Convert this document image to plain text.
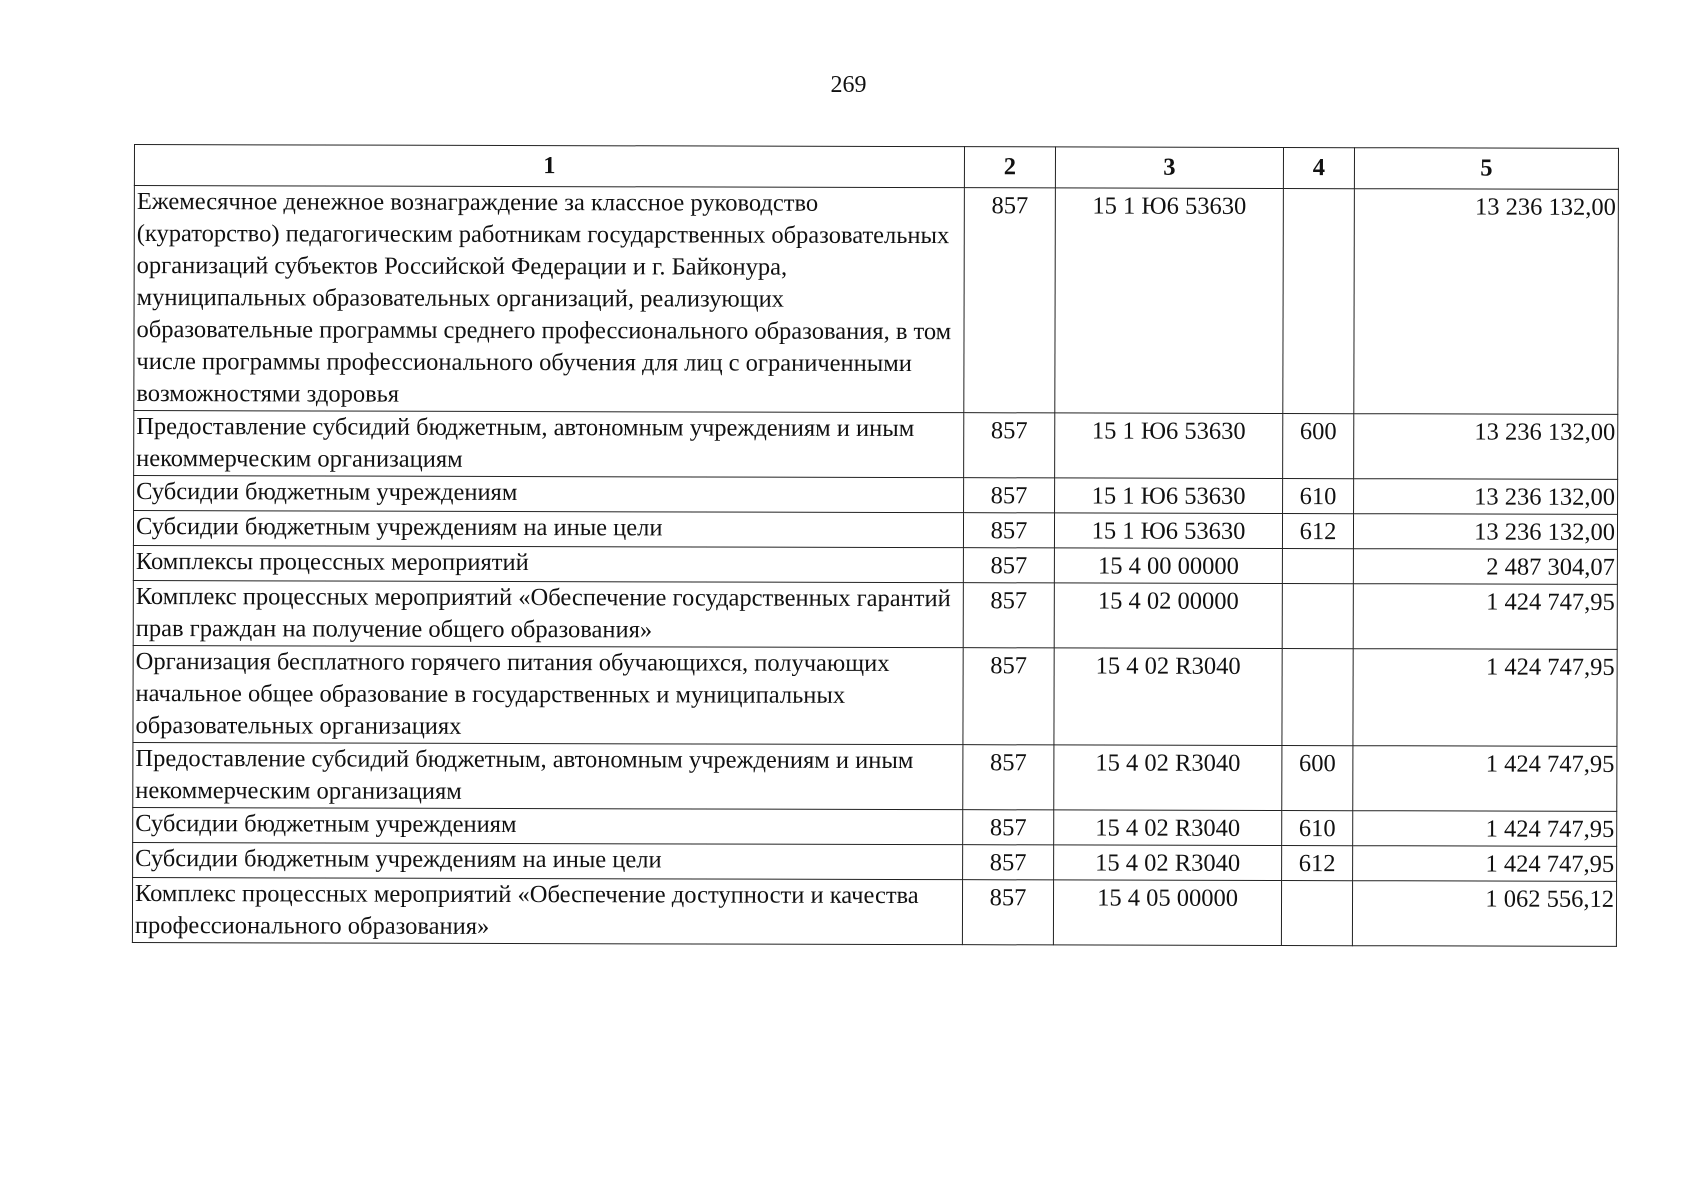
269
1	2	3	4	5
Ежемесячное денежное вознаграждение за классное руководство (кураторство) педагогическим работникам государственных образовательных организаций субъектов Российской Федерации и г. Байконура, муниципальных образовательных организаций, реализующих образовательные программы среднего профессионального образования, в том числе программы профессионального обучения для лиц с ограниченными возможностями здоровья	857	15 1 Ю6 53630		13 236 132,00
Предоставление субсидий бюджетным, автономным учреждениям и иным некоммерческим организациям	857	15 1 Ю6 53630	600	13 236 132,00
Субсидии бюджетным учреждениям	857	15 1 Ю6 53630	610	13 236 132,00
Субсидии бюджетным учреждениям на иные цели	857	15 1 Ю6 53630	612	13 236 132,00
Комплексы процессных мероприятий	857	15 4 00 00000		2 487 304,07
Комплекс процессных мероприятий «Обеспечение государственных гарантий прав граждан на получение общего образования»	857	15 4 02 00000		1 424 747,95
Организация бесплатного горячего питания обучающихся, получающих начальное общее образование в государственных и муниципальных образовательных организациях	857	15 4 02 R3040		1 424 747,95
Предоставление субсидий бюджетным, автономным учреждениям и иным некоммерческим организациям	857	15 4 02 R3040	600	1 424 747,95
Субсидии бюджетным учреждениям	857	15 4 02 R3040	610	1 424 747,95
Субсидии бюджетным учреждениям на иные цели	857	15 4 02 R3040	612	1 424 747,95
Комплекс процессных мероприятий «Обеспечение доступности и качества профессионального образования»	857	15 4 05 00000		1 062 556,12
